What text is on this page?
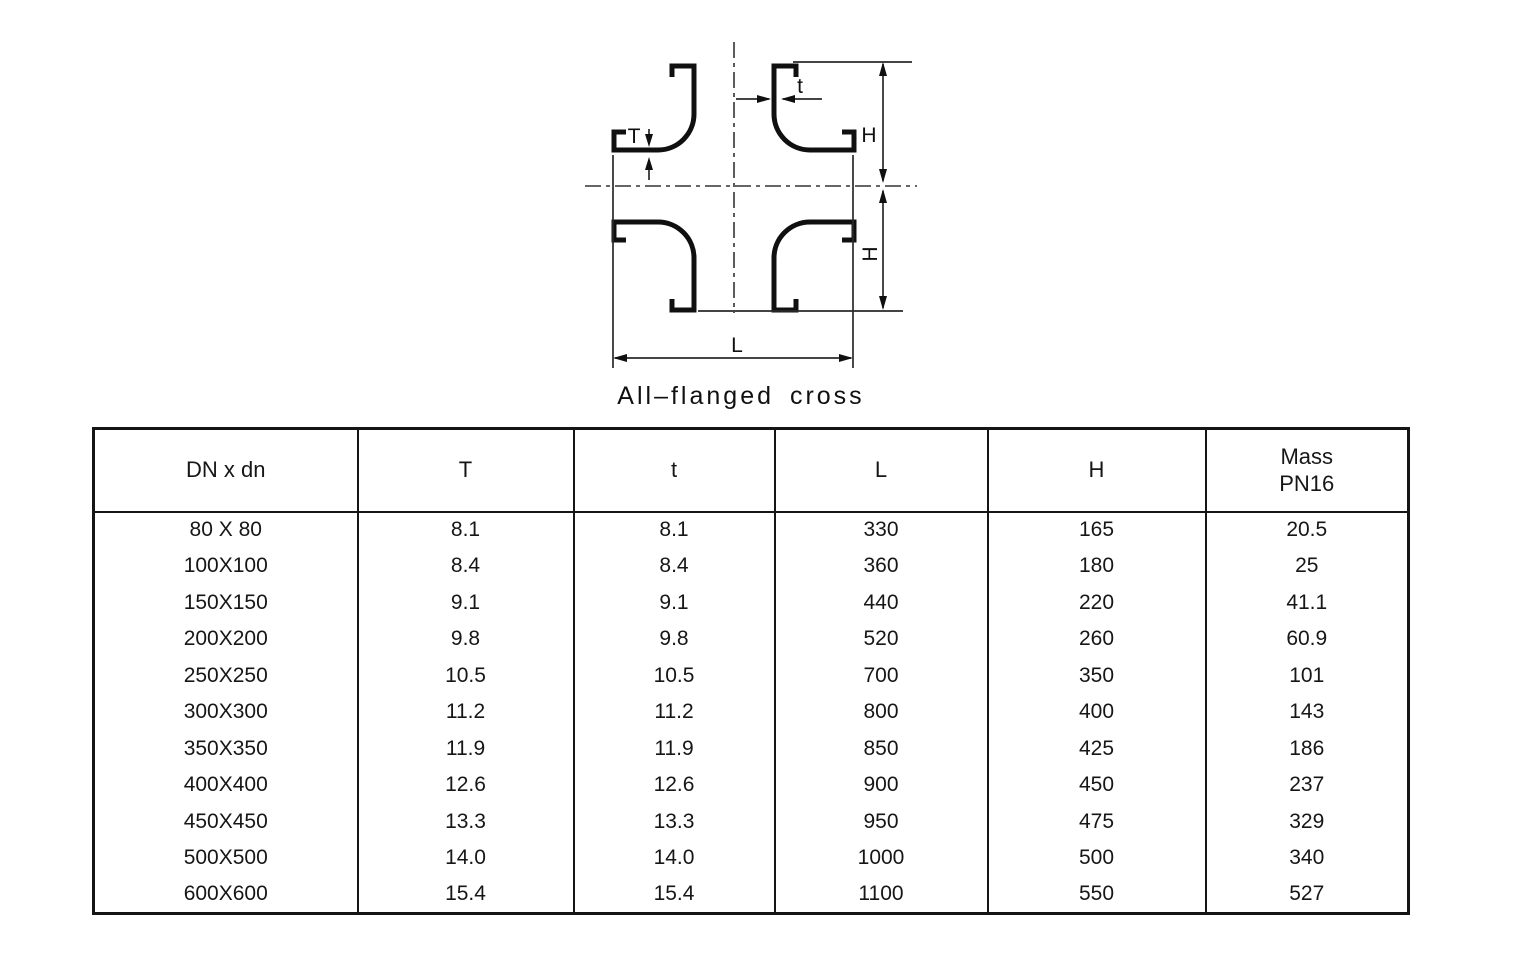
H
H
L
t
T
All–flanged cross
DN x dn	T	t	L	H	Mass
PN16

80 X 80	8.1	8.1	330	165	20.5
100X100	8.4	8.4	360	180	25
150X150	9.1	9.1	440	220	41.1
200X200	9.8	9.8	520	260	60.9
250X250	10.5	10.5	700	350	101
300X300	11.2	11.2	800	400	143
350X350	11.9	11.9	850	425	186
400X400	12.6	12.6	900	450	237
450X450	13.3	13.3	950	475	329
500X500	14.0	14.0	1000	500	340
600X600	15.4	15.4	1100	550	527
